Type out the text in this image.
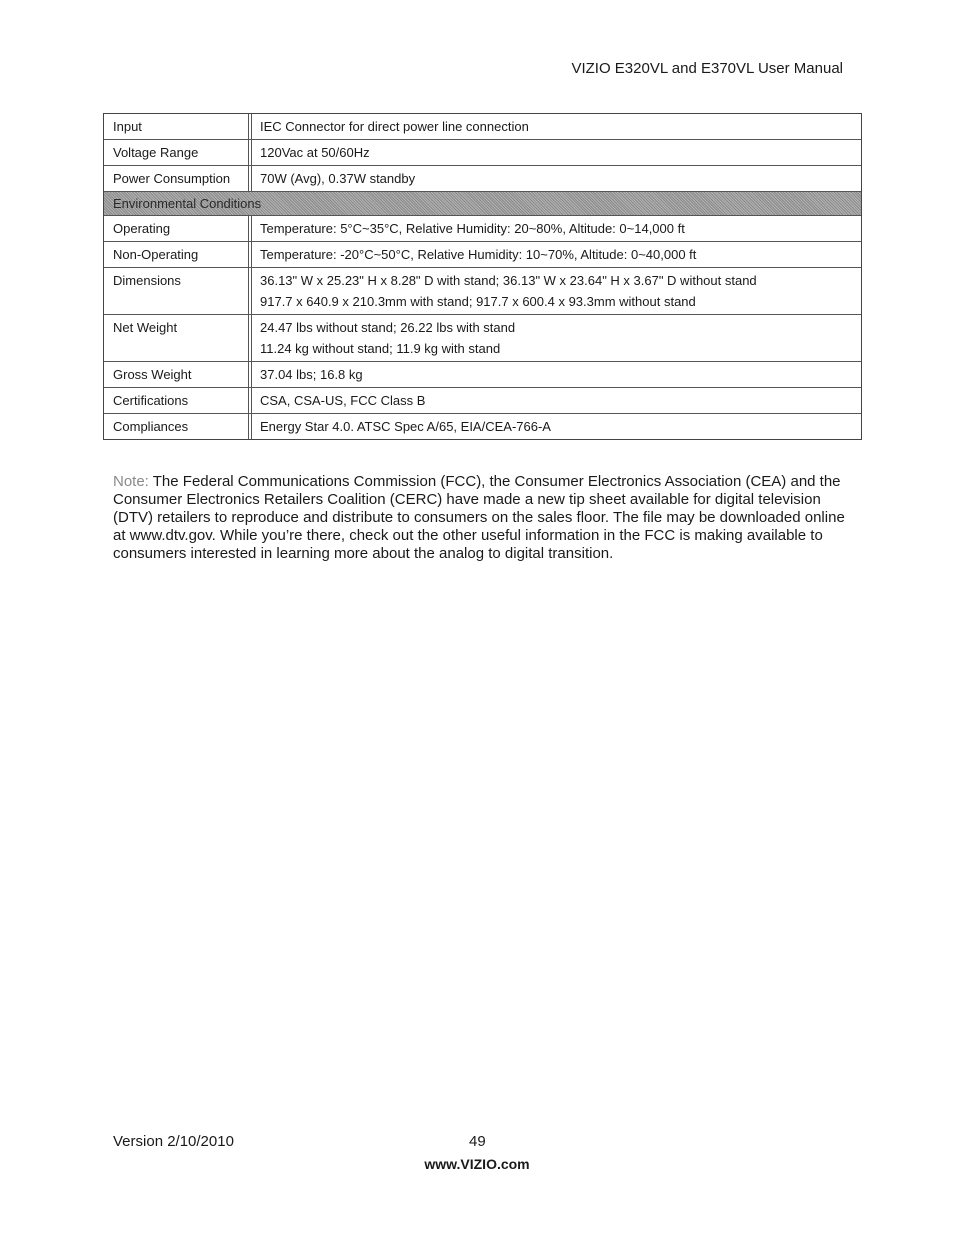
VIZIO E320VL and E370VL User Manual
Input	IEC Connector for direct power line connection
Voltage Range	120Vac at 50/60Hz
Power Consumption	70W (Avg), 0.37W standby
Environmental Conditions
Operating	Temperature: 5°C~35°C, Relative Humidity: 20~80%, Altitude: 0~14,000 ft
Non-Operating	Temperature: -20°C~50°C, Relative Humidity: 10~70%, Altitude: 0~40,000 ft
Dimensions	36.13" W x 25.23" H x 8.28" D with stand; 36.13" W x 23.64" H x 3.67" D without stand
917.7 x 640.9 x 210.3mm with stand; 917.7 x 600.4 x 93.3mm without stand
Net Weight	24.47 lbs without stand; 26.22 lbs with stand
11.24 kg without stand; 11.9 kg with stand
Gross Weight	37.04 lbs; 16.8 kg
Certifications	CSA, CSA-US, FCC Class B
Compliances	Energy Star 4.0. ATSC Spec A/65, EIA/CEA-766-A
Note: The Federal Communications Commission (FCC), the Consumer Electronics Association (CEA) and the Consumer Electronics Retailers Coalition (CERC) have made a new tip sheet available for digital television (DTV) retailers to reproduce and distribute to consumers on the sales floor. The file may be downloaded online at www.dtv.gov. While you’re there, check out the other useful information in the FCC is making available to consumers interested in learning more about the analog to digital transition.
Version 2/10/2010	49
www.VIZIO.com
